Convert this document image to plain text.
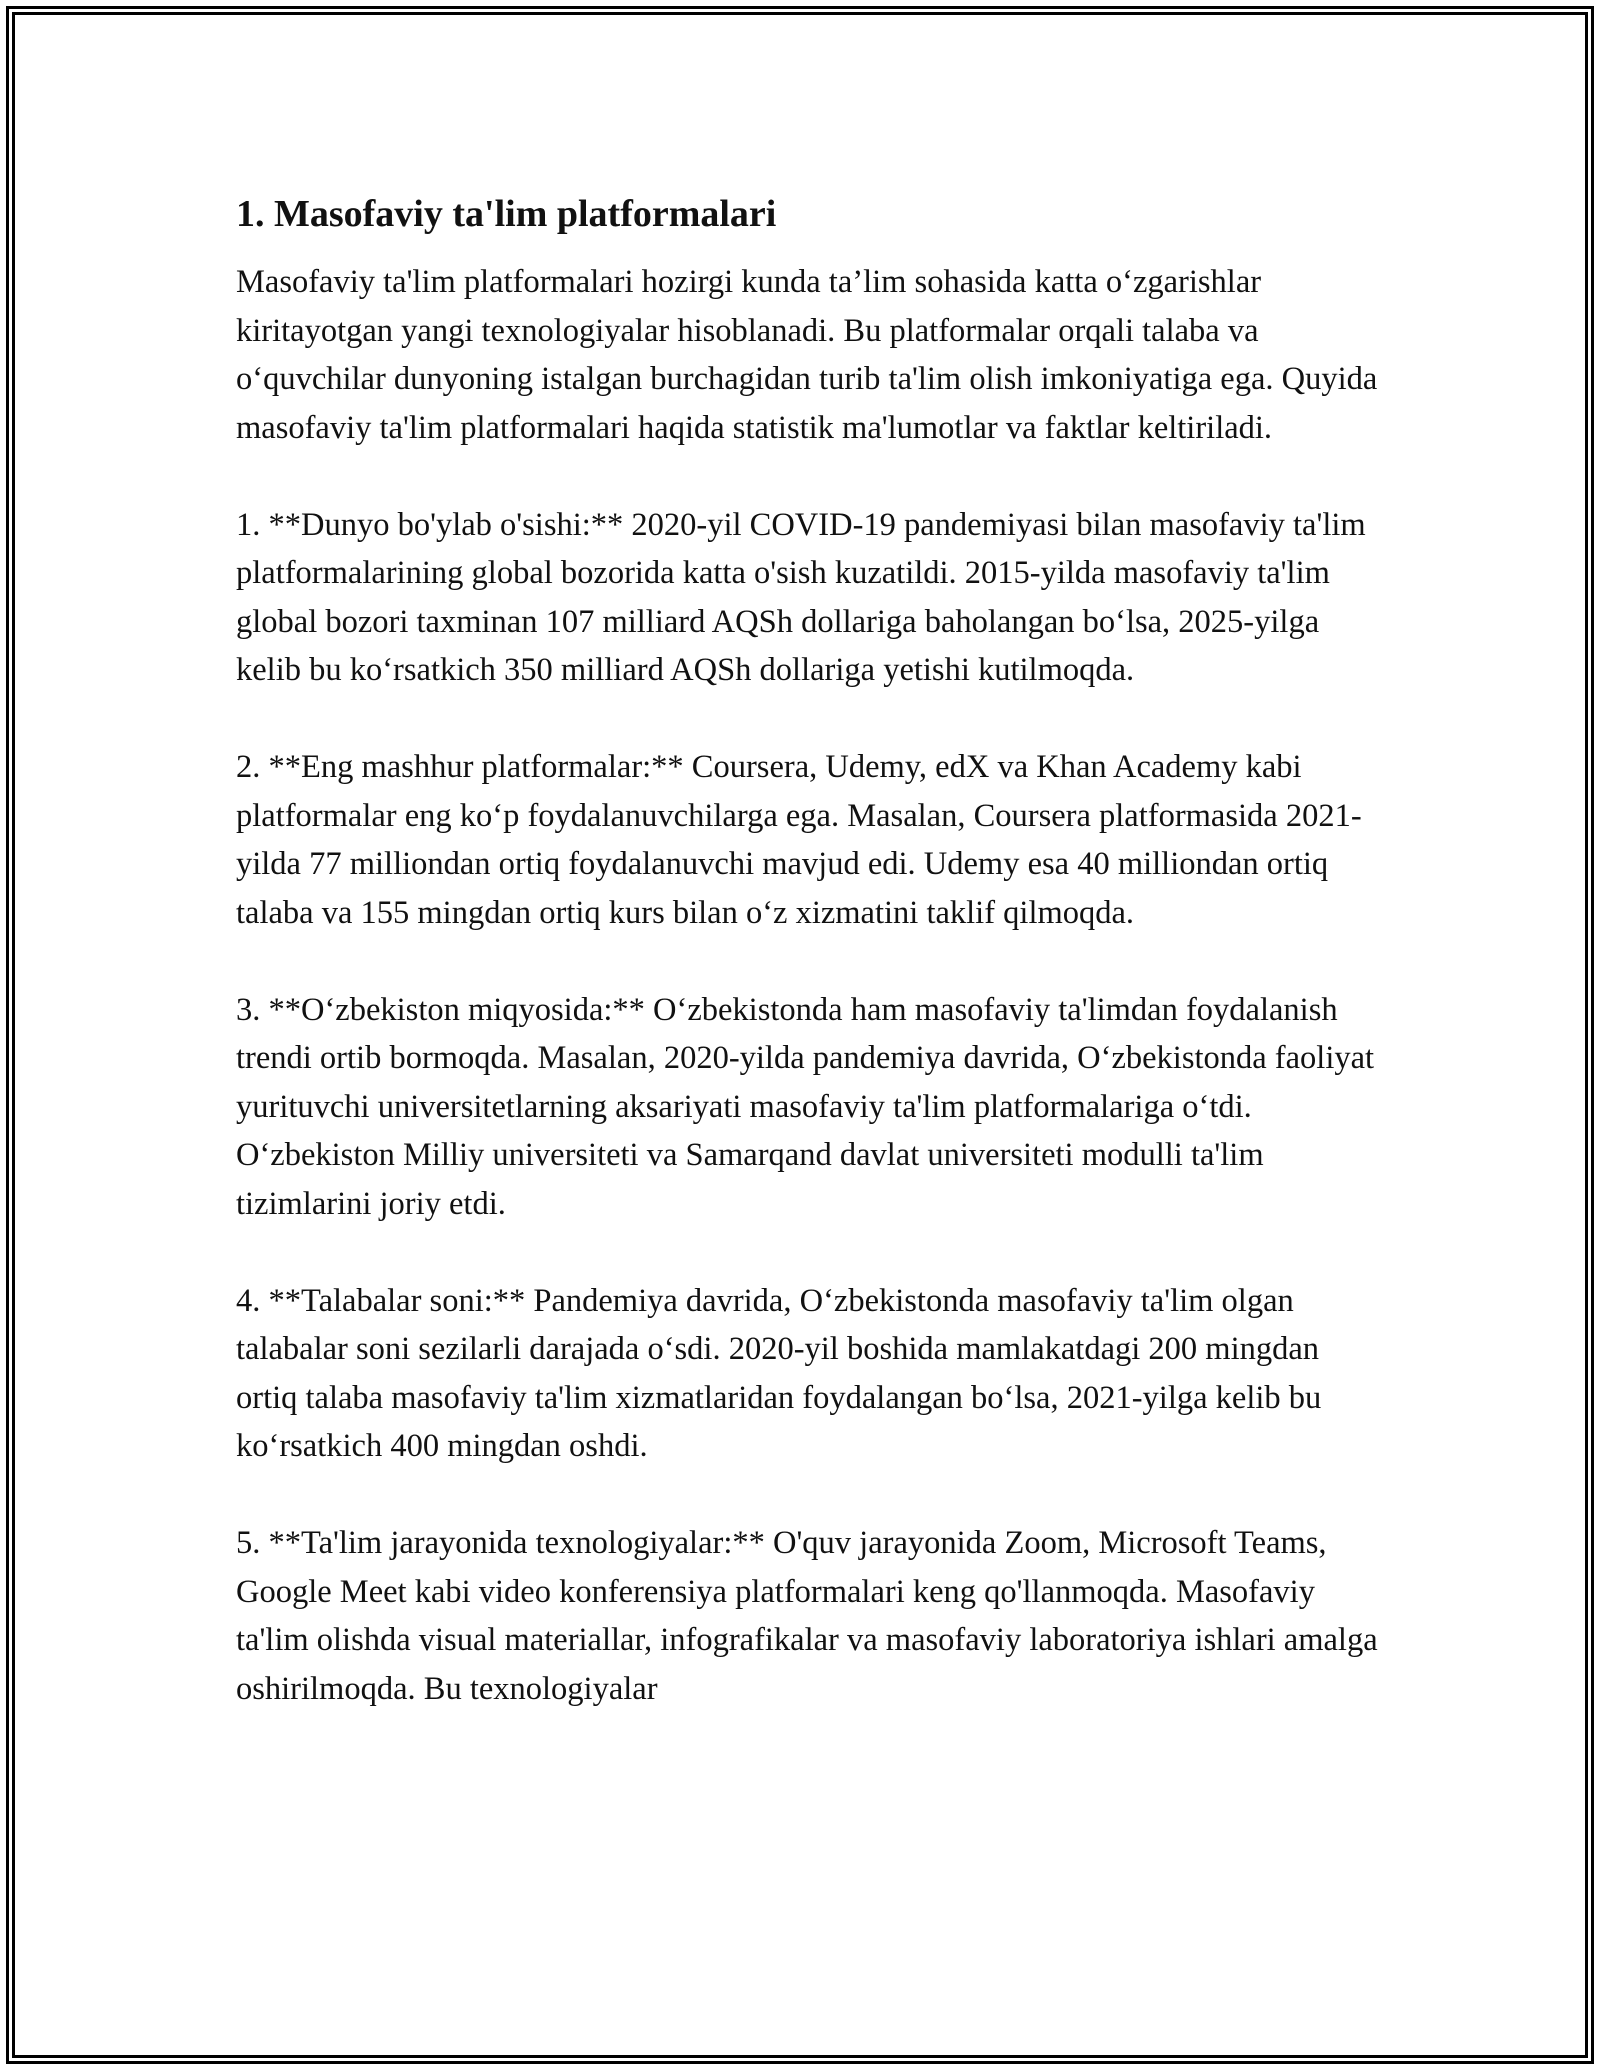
1. Masofaviy ta'lim platformalari

Masofaviy ta'lim platformalari hozirgi kunda ta’lim sohasida katta o‘zgarishlar kiritayotgan yangi texnologiyalar hisoblanadi. Bu platformalar orqali talaba va o‘quvchilar dunyoning istalgan burchagidan turib ta'lim olish imkoniyatiga ega. Quyida masofaviy ta'lim platformalari haqida statistik ma'lumotlar va faktlar keltiriladi.

1. **Dunyo bo'ylab o'sishi:** 2020-yil COVID-19 pandemiyasi bilan masofaviy ta'lim platformalarining global bozorida katta o'sish kuzatildi. 2015-yilda masofaviy ta'lim global bozori taxminan 107 milliard AQSh dollariga baholangan bo‘lsa, 2025-yilga kelib bu ko‘rsatkich 350 milliard AQSh dollariga yetishi kutilmoqda.

2. **Eng mashhur platformalar:** Coursera, Udemy, edX va Khan Academy kabi platformalar eng ko‘p foydalanuvchilarga ega. Masalan, Coursera platformasida 2021-yilda 77 milliondan ortiq foydalanuvchi mavjud edi. Udemy esa 40 milliondan ortiq talaba va 155 mingdan ortiq kurs bilan o‘z xizmatini taklif qilmoqda.

3. **O‘zbekiston miqyosida:** O‘zbekistonda ham masofaviy ta'limdan foydalanish trendi ortib bormoqda. Masalan, 2020-yilda pandemiya davrida, O‘zbekistonda faoliyat yurituvchi universitetlarning aksariyati masofaviy ta'lim platformalariga o‘tdi. O‘zbekiston Milliy universiteti va Samarqand davlat universiteti modulli ta'lim tizimlarini joriy etdi.

4. **Talabalar soni:** Pandemiya davrida, O‘zbekistonda masofaviy ta'lim olgan talabalar soni sezilarli darajada o‘sdi. 2020-yil boshida mamlakatdagi 200 mingdan ortiq talaba masofaviy ta'lim xizmatlaridan foydalangan bo‘lsa, 2021-yilga kelib bu ko‘rsatkich 400 mingdan oshdi.

5. **Ta'lim jarayonida texnologiyalar:** O'quv jarayonida Zoom, Microsoft Teams, Google Meet kabi video konferensiya platformalari keng qo'llanmoqda. Masofaviy ta'lim olishda visual materiallar, infografikalar va masofaviy laboratoriya ishlari amalga oshirilmoqda. Bu texnologiyalar
